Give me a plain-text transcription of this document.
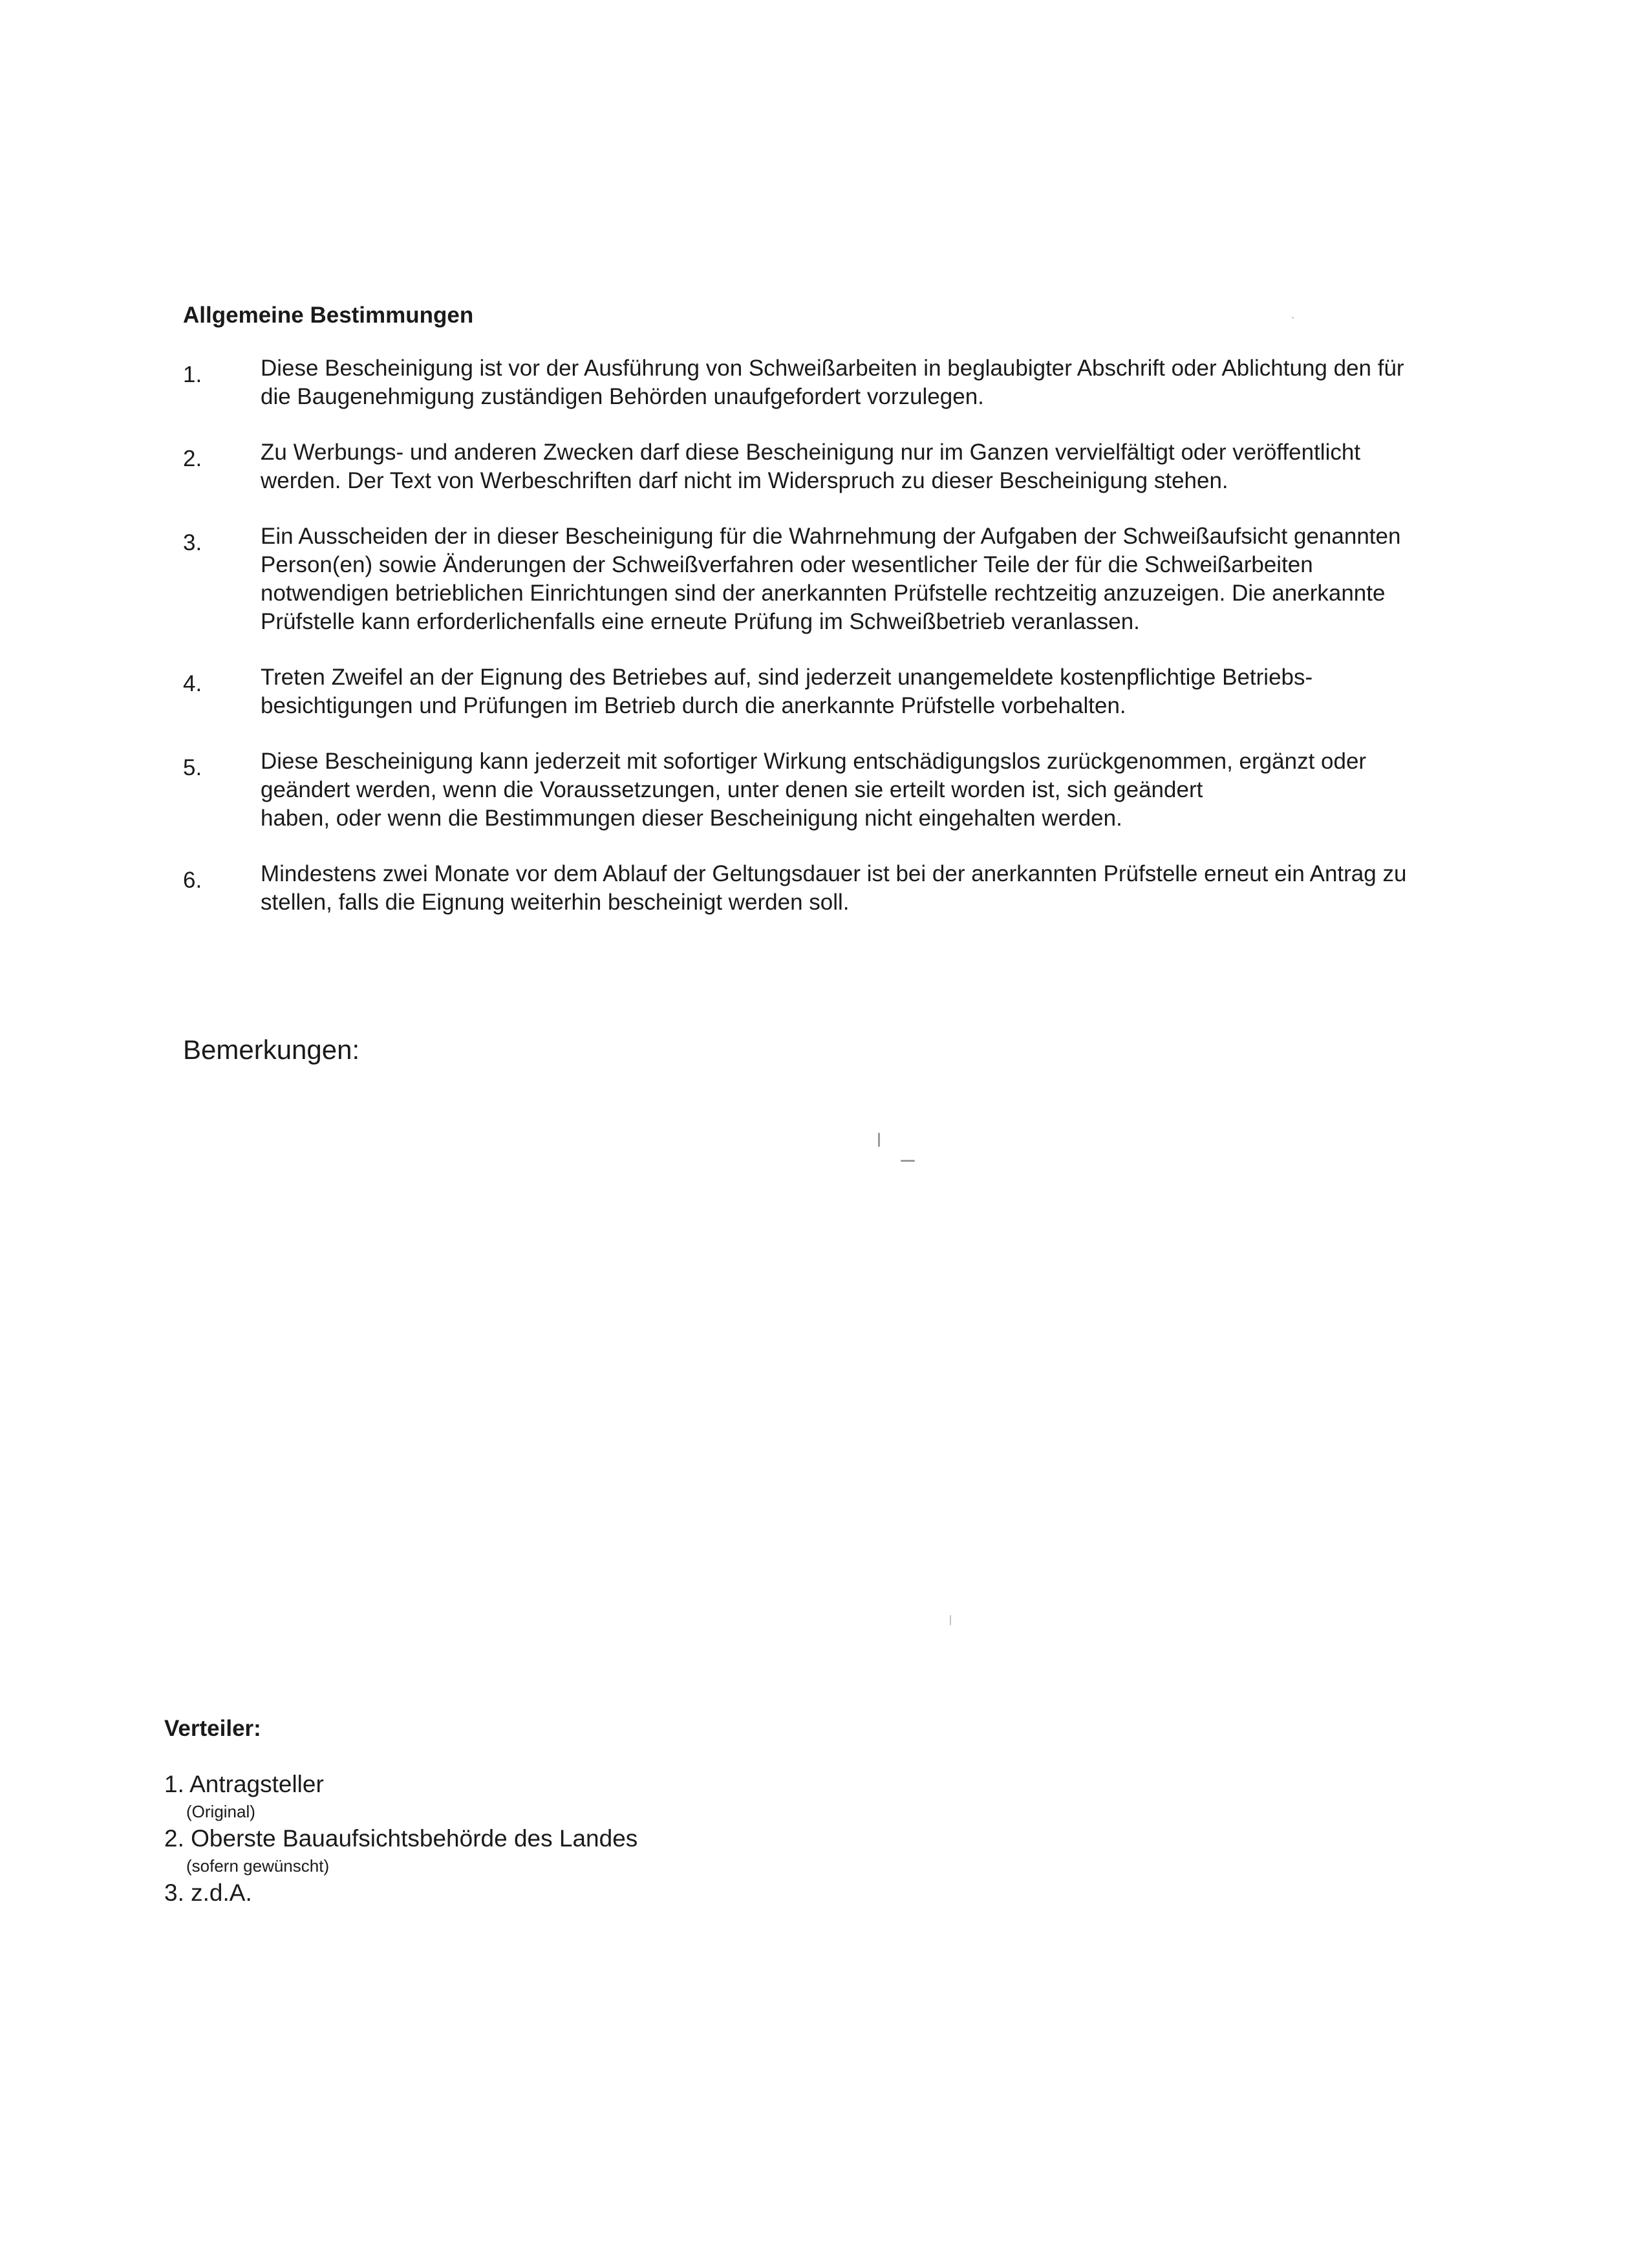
Allgemeine Bestimmungen
1.	Diese Bescheinigung ist vor der Ausführung von Schweißarbeiten in beglaubigter Abschrift oder Ablichtung den für
die Baugenehmigung zuständigen Behörden unaufgefordert vorzulegen.
2.	Zu Werbungs- und anderen Zwecken darf diese Bescheinigung nur im Ganzen vervielfältigt oder veröffentlicht
werden. Der Text von Werbeschriften darf nicht im Widerspruch zu dieser Bescheinigung stehen.
3.	Ein Ausscheiden der in dieser Bescheinigung für die Wahrnehmung der Aufgaben der Schweißaufsicht genannten
Person(en) sowie Änderungen der Schweißverfahren oder wesentlicher Teile der für die Schweißarbeiten
notwendigen betrieblichen Einrichtungen sind der anerkannten Prüfstelle rechtzeitig anzuzeigen. Die anerkannte
Prüfstelle kann erforderlichenfalls eine erneute Prüfung im Schweißbetrieb veranlassen.
4.	Treten Zweifel an der Eignung des Betriebes auf, sind jederzeit unangemeldete kostenpflichtige Betriebs-
besichtigungen und Prüfungen im Betrieb durch die anerkannte Prüfstelle vorbehalten.
5.	Diese Bescheinigung kann jederzeit mit sofortiger Wirkung entschädigungslos zurückgenommen, ergänzt oder
geändert werden, wenn die Voraussetzungen, unter denen sie erteilt worden ist, sich geändert
haben, oder wenn die Bestimmungen dieser Bescheinigung nicht eingehalten werden.
6.	Mindestens zwei Monate vor dem Ablauf der Geltungsdauer ist bei der anerkannten Prüfstelle erneut ein Antrag zu
stellen, falls die Eignung weiterhin bescheinigt werden soll.

Bemerkungen:

Verteiler:
1. Antragsteller
(Original)
2. Oberste Bauaufsichtsbehörde des Landes
(sofern gewünscht)
3. z.d.A.
